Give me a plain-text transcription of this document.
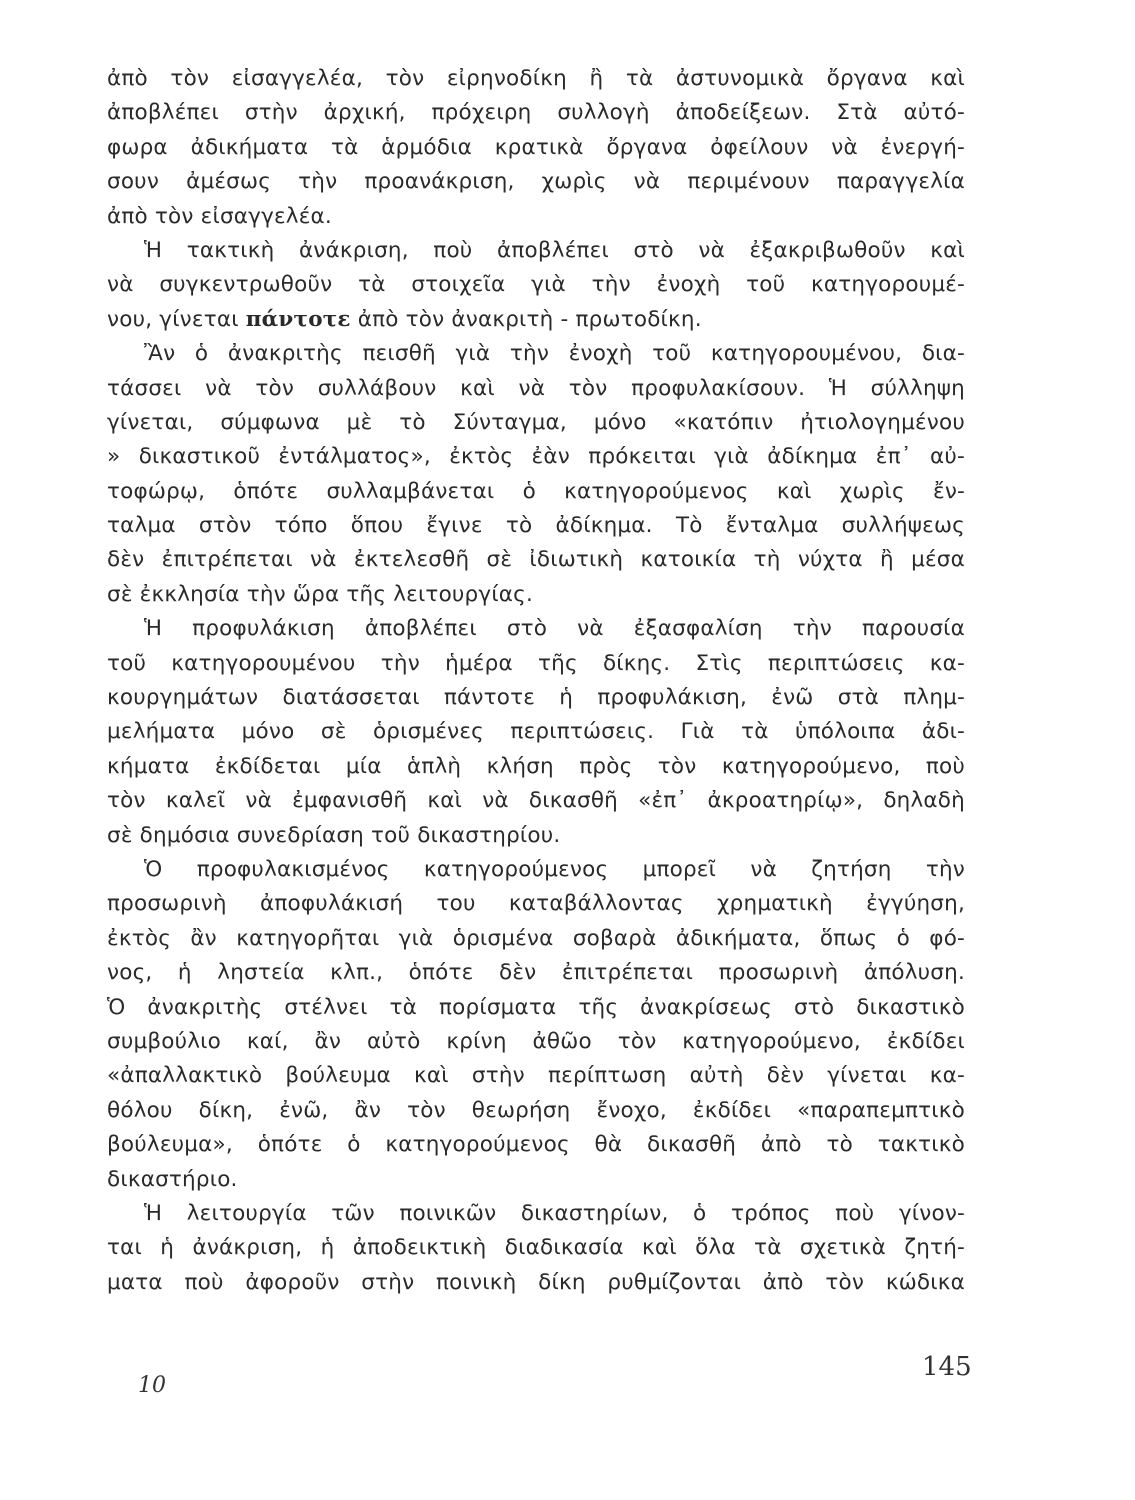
ἀπὸ τὸν εἰσαγγελέα, τὸν εἰρηνοδίκη ἢ τὰ ἀστυνομικὰ ὄργανα καὶ
ἀποβλέπει στὴν ἀρχική, πρόχειρη συλλογὴ ἀποδείξεων. Στὰ αὐτό-
φωρα ἀδικήματα τὰ ἁρμόδια κρατικὰ ὄργανα ὀφείλουν νὰ ἐνεργή-
σουν ἀμέσως τὴν προανάκριση, χωρὶς νὰ περιμένουν παραγγελία
ἀπὸ τὸν εἰσαγγελέα.
Ἡ τακτικὴ ἀνάκριση, ποὺ ἀποβλέπει στὸ νὰ ἐξακριβωθοῦν καὶ
νὰ συγκεντρωθοῦν τὰ στοιχεῖα γιὰ τὴν ἐνοχὴ τοῦ κατηγορουμέ-
νου, γίνεται πάντοτε ἀπὸ τὸν ἀνακριτὴ - πρωτοδίκη.
Ἂν ὁ ἀνακριτὴς πεισθῆ γιὰ τὴν ἐνοχὴ τοῦ κατηγορουμένου, δια-
τάσσει νὰ τὸν συλλάβουν καὶ νὰ τὸν προφυλακίσουν. Ἡ σύλληψη
γίνεται, σύμφωνα μὲ τὸ Σύνταγμα, μόνο «κατόπιν ἠτιολογημένου
» δικαστικοῦ ἐντάλματος», ἐκτὸς ἐὰν πρόκειται γιὰ ἀδίκημα ἐπ᾽ αὐ-
τοφώρῳ, ὁπότε συλλαμβάνεται ὁ κατηγορούμενος καὶ χωρὶς ἔν-
ταλμα στὸν τόπο ὅπου ἔγινε τὸ ἀδίκημα. Τὸ ἔνταλμα συλλήψεως
δὲν ἐπιτρέπεται νὰ ἐκτελεσθῆ σὲ ἰδιωτικὴ κατοικία τὴ νύχτα ἢ μέσα
σὲ ἐκκλησία τὴν ὥρα τῆς λειτουργίας.
Ἡ προφυλάκιση ἀποβλέπει στὸ νὰ ἐξασφαλίση τὴν παρουσία
τοῦ κατηγορουμένου τὴν ἡμέρα τῆς δίκης. Στὶς περιπτώσεις κα-
κουργημάτων διατάσσεται πάντοτε ἡ προφυλάκιση, ἐνῶ στὰ πλημ-
μελήματα μόνο σὲ ὁρισμένες περιπτώσεις. Γιὰ τὰ ὑπόλοιπα ἀδι-
κήματα ἐκδίδεται μία ἁπλὴ κλήση πρὸς τὸν κατηγορούμενο, ποὺ
τὸν καλεῖ νὰ ἐμφανισθῆ καὶ νὰ δικασθῆ «ἐπ᾽ ἀκροατηρίῳ», δηλαδὴ
σὲ δημόσια συνεδρίαση τοῦ δικαστηρίου.
Ὁ προφυλακισμένος κατηγορούμενος μπορεῖ νὰ ζητήση τὴν
προσωρινὴ ἀποφυλάκισή του καταβάλλοντας χρηματικὴ ἐγγύηση,
ἐκτὸς ἂν κατηγορῆται γιὰ ὁρισμένα σοβαρὰ ἀδικήματα, ὅπως ὁ φό-
νος, ἡ ληστεία κλπ., ὁπότε δὲν ἐπιτρέπεται προσωρινὴ ἀπόλυση.
Ὁ ἀνακριτὴς στέλνει τὰ πορίσματα τῆς ἀνακρίσεως στὸ δικαστικὸ
συμβούλιο καί, ἂν αὐτὸ κρίνη ἀθῶο τὸν κατηγορούμενο, ἐκδίδει
«ἀπαλλακτικὸ βούλευμα καὶ στὴν περίπτωση αὐτὴ δὲν γίνεται κα-
θόλου δίκη, ἐνῶ, ἂν τὸν θεωρήση ἔνοχο, ἐκδίδει «παραπεμπτικὸ
βούλευμα», ὁπότε ὁ κατηγορούμενος θὰ δικασθῆ ἀπὸ τὸ τακτικὸ
δικαστήριο.
Ἡ λειτουργία τῶν ποινικῶν δικαστηρίων, ὁ τρόπος ποὺ γίνον-
ται ἡ ἀνάκριση, ἡ ἀποδεικτικὴ διαδικασία καὶ ὅλα τὰ σχετικὰ ζητή-
ματα ποὺ ἀφοροῦν στὴν ποινικὴ δίκη ρυθμίζονται ἀπὸ τὸν κώδικα
10
145
